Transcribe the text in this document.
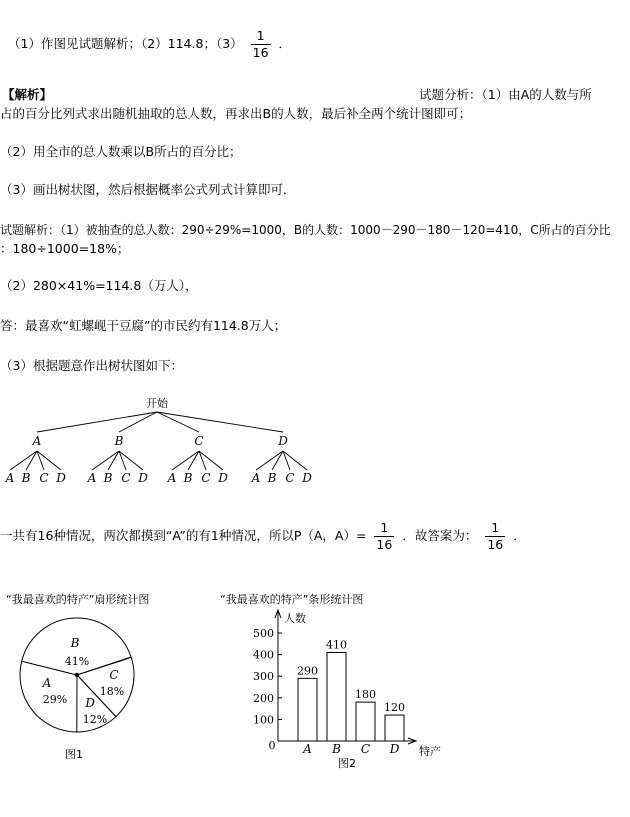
（1）作图见试题解析；（2）114.8；$(3) \frac{1}{16}$ ．
【解析】	试题分析：（1）由A的人数与所
占的百分比列式求出随机抽取的总人数，再求出B的人数，最后补全两个统计图即可；
（2）用全市的总人数乘以B所占的百分比；
（3）画出树状图，然后根据概率公式列式计算即可．
试题解析：（1）被抽查的总人数：290÷29%=1000，B的人数：1000－290－180－120=410，C所占的百分比
：180÷1000=18%；
（2）280×41%=114.8（万人），
答：最喜欢“虹螺岘干豆腐”的市民约有114.8万人；
（3）根据题意作出树状图如下：
开始
A
A B C D
B
A B C D
C
A B C D
D
A B C D
一共有16种情况，两次都摸到“A”的有1种情况，所以P（A，$A)= \frac{1}{16}$ ．故答案为： $\frac{1}{16}$ ．
“我最喜欢的特产”扇形统计图
A
29%
B
41%
C
18%
D
12%
图1
“我最喜欢的特产”条形统计图
人数
特产
0
100
200
300
400
500
290
A
410
B
180
C
120
D
图2
